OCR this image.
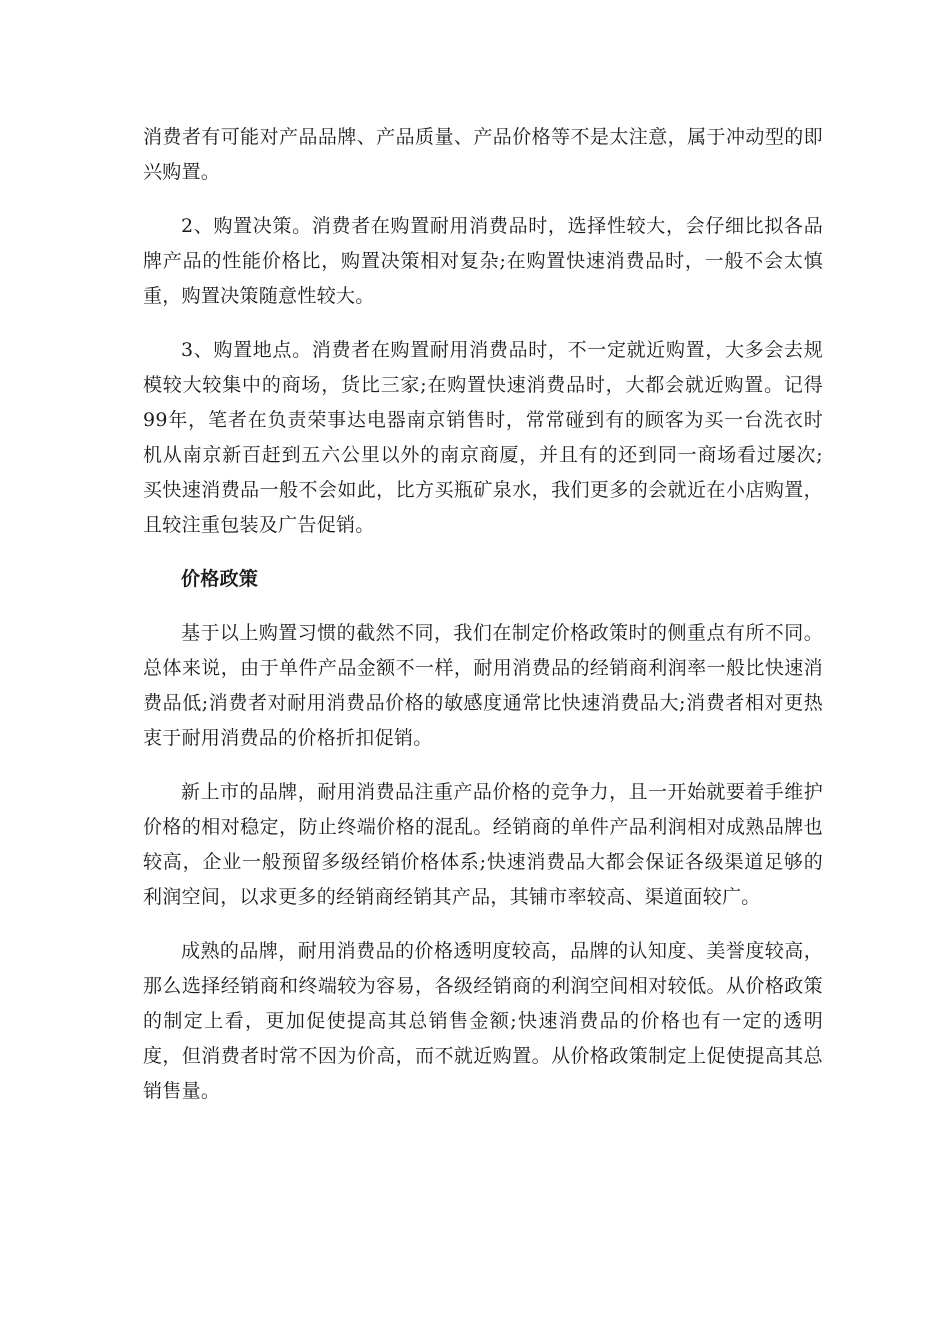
消费者有可能对产品品牌、产品质量、产品价格等不是太注意，属于冲动型的即兴购置。

2、购置决策。消费者在购置耐用消费品时，选择性较大，会仔细比拟各品牌产品的性能价格比，购置决策相对复杂;在购置快速消费品时，一般不会太慎重，购置决策随意性较大。

3、购置地点。消费者在购置耐用消费品时，不一定就近购置，大多会去规模较大较集中的商场，货比三家;在购置快速消费品时，大都会就近购置。记得99年，笔者在负责荣事达电器南京销售时，常常碰到有的顾客为买一台洗衣时机从南京新百赶到五六公里以外的南京商厦，并且有的还到同一商场看过屡次;买快速消费品一般不会如此，比方买瓶矿泉水，我们更多的会就近在小店购置，且较注重包装及广告促销。

价格政策

基于以上购置习惯的截然不同，我们在制定价格政策时的侧重点有所不同。总体来说，由于单件产品金额不一样，耐用消费品的经销商利润率一般比快速消费品低;消费者对耐用消费品价格的敏感度通常比快速消费品大;消费者相对更热衷于耐用消费品的价格折扣促销。

新上市的品牌，耐用消费品注重产品价格的竞争力，且一开始就要着手维护价格的相对稳定，防止终端价格的混乱。经销商的单件产品利润相对成熟品牌也较高，企业一般预留多级经销价格体系;快速消费品大都会保证各级渠道足够的利润空间，以求更多的经销商经销其产品，其铺市率较高、渠道面较广。

成熟的品牌，耐用消费品的价格透明度较高，品牌的认知度、美誉度较高，那么选择经销商和终端较为容易，各级经销商的利润空间相对较低。从价格政策的制定上看，更加促使提高其总销售金额;快速消费品的价格也有一定的透明度，但消费者时常不因为价高，而不就近购置。从价格政策制定上促使提高其总销售量。
